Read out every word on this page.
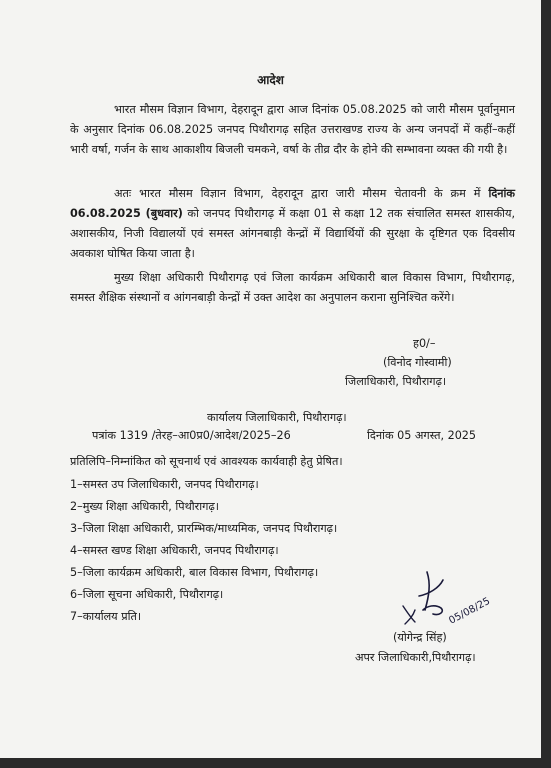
आदेश
भारत मौसम विज्ञान विभाग, देहरादून द्वारा आज दिनांक 05.08.2025 को जारी मौसम पूर्वानुमान के अनुसार दिनांक 06.08.2025 जनपद पिथौरागढ़ सहित उत्तराखण्ड राज्य के अन्य जनपदों में कहीं–कहीं भारी वर्षा, गर्जन के साथ आकाशीय बिजली चमकने, वर्षा के तीव्र दौर के होने की सम्भावना व्यक्त की गयी है।
अतः भारत मौसम विज्ञान विभाग, देहरादून द्वारा जारी मौसम चेतावनी के क्रम में दिनांक 06.08.2025 (बुधवार) को जनपद पिथौरागढ़ में कक्षा 01 से कक्षा 12 तक संचालित समस्त शासकीय, अशासकीय, निजी विद्यालयों एवं समस्त आंगनबाड़ी केन्द्रों में विद्यार्थियों की सुरक्षा के दृष्टिगत एक दिवसीय अवकाश घोषित किया जाता है।
मुख्य शिक्षा अधिकारी पिथौरागढ़ एवं जिला कार्यक्रम अधिकारी बाल विकास विभाग, पिथौरागढ़, समस्त शैक्षिक संस्थानों व आंगनबाड़ी केन्द्रों में उक्त आदेश का अनुपालन कराना सुनिश्चित करेंगे।
ह0/–
(विनोद गोस्वामी)
जिलाधिकारी, पिथौरागढ़।
कार्यालय जिलाधिकारी, पिथौरागढ़।
पत्रांक 1319 /तेरह–आ0प्र0/आदेश/2025–26	दिनांक 05 अगस्त, 2025
प्रतिलिपि–निम्नांकित को सूचनार्थ एवं आवश्यक कार्यवाही हेतु प्रेषित।
1–समस्त उप जिलाधिकारी, जनपद पिथौरागढ़।
2–मुख्य शिक्षा अधिकारी, पिथौरागढ़।
3–जिला शिक्षा अधिकारी, प्रारम्भिक/माध्यमिक, जनपद पिथौरागढ़।
4–समस्त खण्ड शिक्षा अधिकारी, जनपद पिथौरागढ़।
5–जिला कार्यक्रम अधिकारी, बाल विकास विभाग, पिथौरागढ़।
6–जिला सूचना अधिकारी, पिथौरागढ़।
7–कार्यालय प्रति।	05/08/25
(योगेन्द्र सिंह)
अपर जिलाधिकारी,पिथौरागढ़।
